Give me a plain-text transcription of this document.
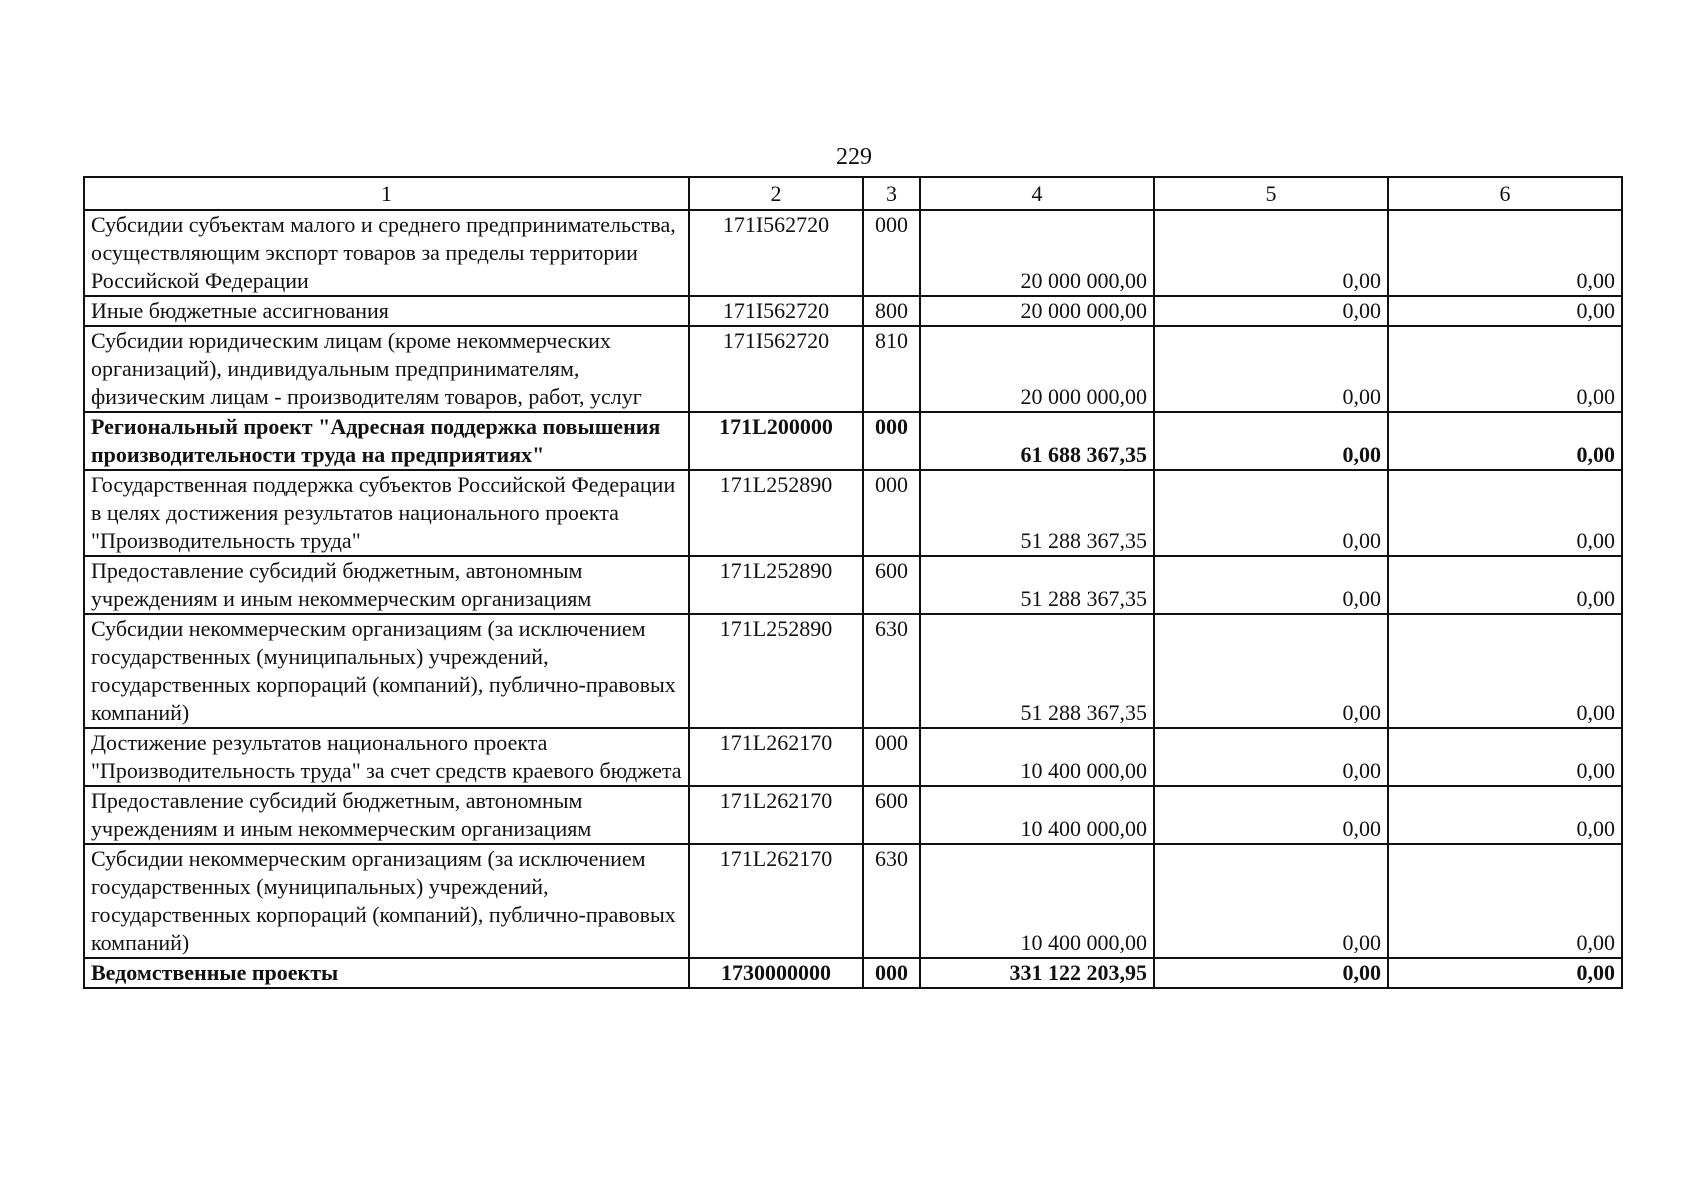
229
1	2	3	4	5	6
Субсидии субъектам малого и среднего предпринимательства, осуществляющим экспорт товаров за пределы территории Российской Федерации	171I562720	000	20 000 000,00	0,00	0,00
Иные бюджетные ассигнования	171I562720	800	20 000 000,00	0,00	0,00
Субсидии юридическим лицам (кроме некоммерческих организаций), индивидуальным предпринимателям, физическим лицам - производителям товаров, работ, услуг	171I562720	810	20 000 000,00	0,00	0,00
Региональный проект "Адресная поддержка повышения производительности труда на предприятиях"	171L200000	000	61 688 367,35	0,00	0,00
Государственная поддержка субъектов Российской Федерации в целях достижения результатов национального проекта "Производительность труда"	171L252890	000	51 288 367,35	0,00	0,00
Предоставление субсидий бюджетным, автономным учреждениям и иным некоммерческим организациям	171L252890	600	51 288 367,35	0,00	0,00
Субсидии некоммерческим организациям (за исключением государственных (муниципальных) учреждений, государственных корпораций (компаний), публично-правовых компаний)	171L252890	630	51 288 367,35	0,00	0,00
Достижение результатов национального проекта "Производительность труда" за счет средств краевого бюджета	171L262170	000	10 400 000,00	0,00	0,00
Предоставление субсидий бюджетным, автономным учреждениям и иным некоммерческим организациям	171L262170	600	10 400 000,00	0,00	0,00
Субсидии некоммерческим организациям (за исключением государственных (муниципальных) учреждений, государственных корпораций (компаний), публично-правовых компаний)	171L262170	630	10 400 000,00	0,00	0,00
Ведомственные проекты	1730000000	000	331 122 203,95	0,00	0,00
